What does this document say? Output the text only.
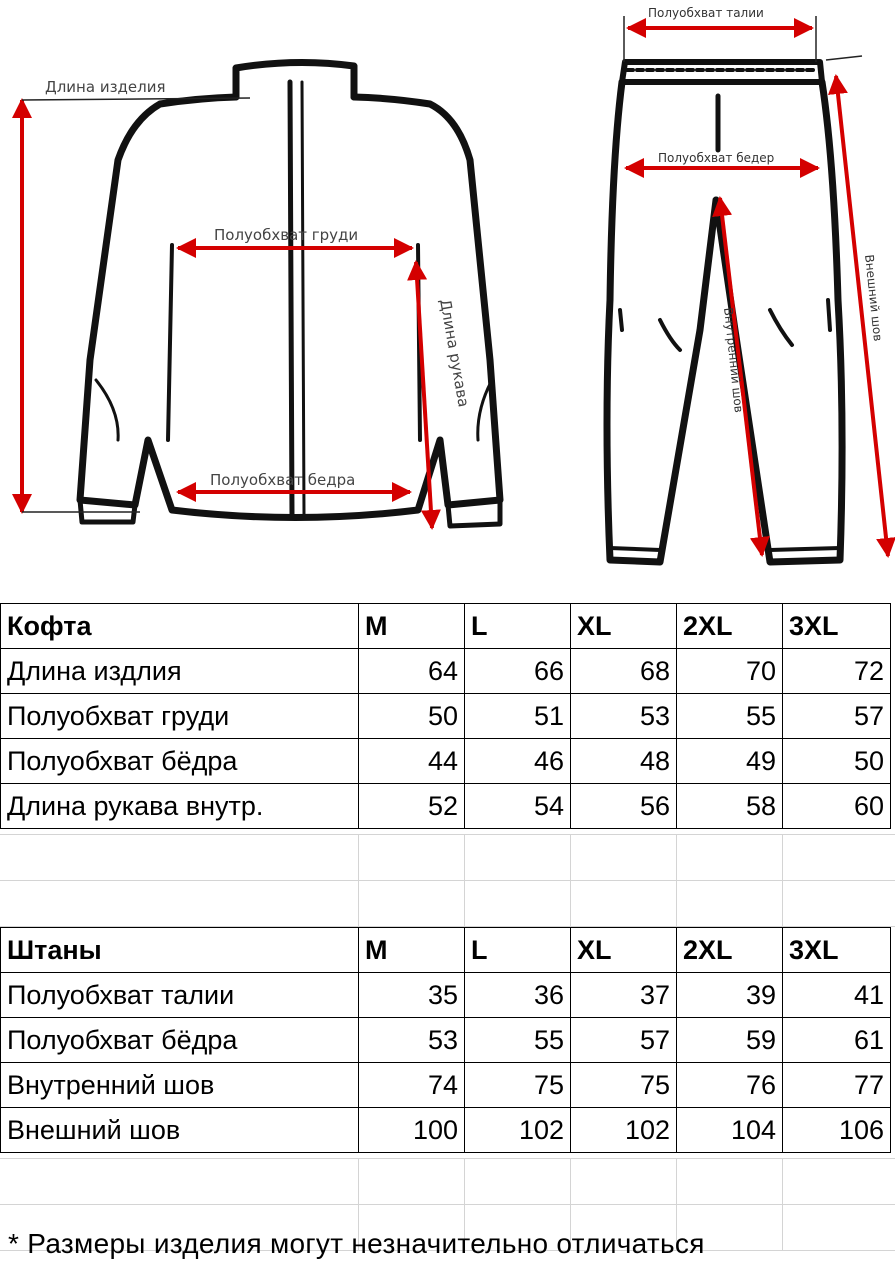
Длина изделия
Полуобхват груди
Полуобхват бедра
Длина рукава
Полуобхват талии
Полуобхват бедер
Внутренний шов
Внешний шов
Кофта	M	L	XL	2XL	3XL
Длина издлия	64	66	68	70	72
Полуобхват груди	50	51	53	55	57
Полуобхват бёдра	44	46	48	49	50
Длина рукава внутр.	52	54	56	58	60
Штаны	M	L	XL	2XL	3XL
Полуобхват талии	35	36	37	39	41
Полуобхват бёдра	53	55	57	59	61
Внутренний шов	74	75	75	76	77
Внешний шов	100	102	102	104	106
* Размеры изделия могут незначительно отличаться
